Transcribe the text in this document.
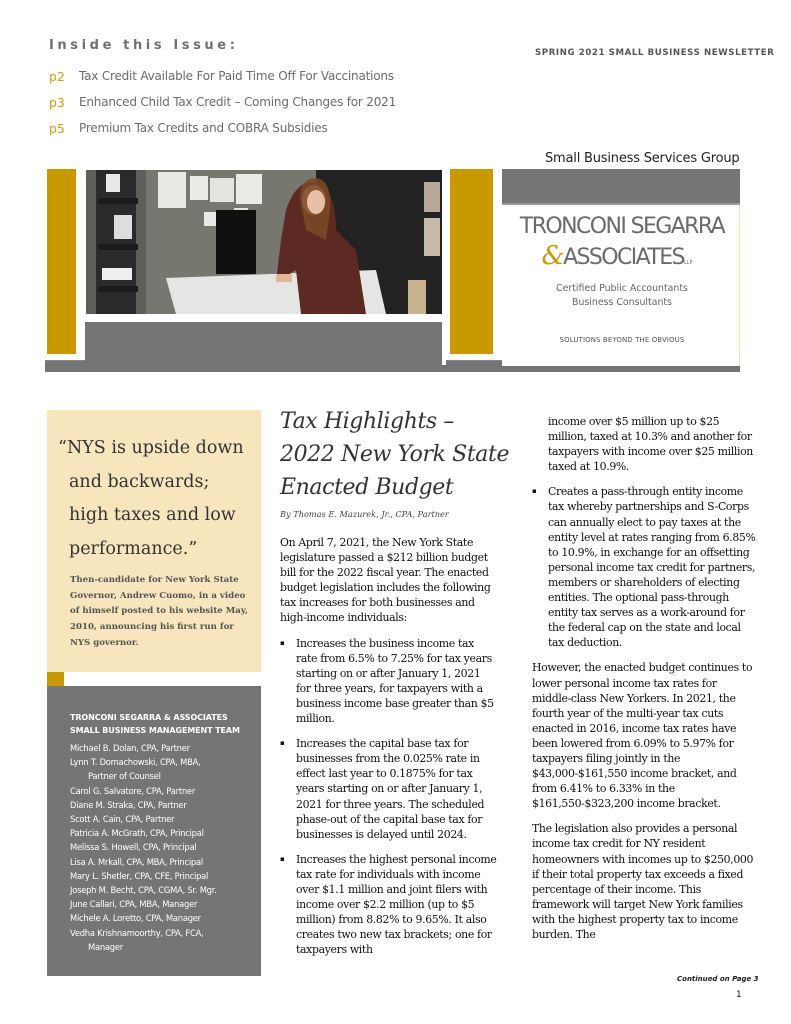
Inside this Issue:
p2	Tax Credit Available For Paid Time Off For Vaccinations
p3	Enhanced Child Tax Credit – Coming Changes for 2021
p5	Premium Tax Credits and COBRA Subsidies
SPRING 2021 SMALL BUSINESS NEWSLETTER
Small Business Services Group
TRONCONI SEGARRA
&ASSOCIATESLLP
Certified Public Accountants
Business Consultants
SOLUTIONS BEYOND THE OBVIOUS
“NYS is upside down
and backwards;
high taxes and low
performance.”
Then-candidate for New York State Governor, Andrew Cuomo, in a video of himself posted to his website May, 2010, announcing his first run for NYS governor.
TRONCONI SEGARRA & ASSOCIATES
SMALL BUSINESS MANAGEMENT TEAM
Michael B. Dolan, CPA, Partner
Lynn T. Domachowski, CPA, MBA,
Partner of Counsel
Carol G. Salvatore, CPA, Partner
Diane M. Straka, CPA, Partner
Scott A. Cain, CPA, Partner
Patricia A. McGrath, CPA, Principal
Melissa S. Howell, CPA, Principal
Lisa A. Mrkall, CPA, MBA, Principal
Mary L. Shetler, CPA, CFE, Principal
Joseph M. Becht, CPA, CGMA, Sr. Mgr.
June Callari, CPA, MBA, Manager
Michele A. Loretto, CPA, Manager
Vedha Krishnamoorthy, CPA, FCA,
Manager
Tax Highlights –
2022 New York State
Enacted Budget
By Thomas E. Mazurek, Jr., CPA, Partner

On April 7, 2021, the New York State legislature passed a $212 billion budget bill for the 2022 fiscal year. The enacted budget legislation includes the following tax increases for both businesses and high-income individuals:

▪ Increases the business income tax rate from 6.5% to 7.25% for tax years starting on or after January 1, 2021 for three years, for taxpayers with a business income base greater than $5 million.
▪ Increases the capital base tax for businesses from the 0.025% rate in effect last year to 0.1875% for tax years starting on or after January 1, 2021 for three years. The scheduled phase-out of the capital base tax for businesses is delayed until 2024.
▪ Increases the highest personal income tax rate for individuals with income over $1.1 million and joint filers with income over $2.2 million (up to $5 million) from 8.82% to 9.65%. It also creates two new tax brackets; one for taxpayers with
income over $5 million up to $25 million, taxed at 10.3% and another for taxpayers with income over $25 million taxed at 10.9%.
▪ Creates a pass-through entity income tax whereby partnerships and S-Corps can annually elect to pay taxes at the entity level at rates ranging from 6.85% to 10.9%, in exchange for an offsetting personal income tax credit for partners, members or shareholders of electing entities. The optional pass-through entity tax serves as a work-around for the federal cap on the state and local tax deduction.

However, the enacted budget continues to lower personal income tax rates for middle-class New Yorkers. In 2021, the fourth year of the multi-year tax cuts enacted in 2016, income tax rates have been lowered from 6.09% to 5.97% for taxpayers filing jointly in the $43,000-$161,550 income bracket, and from 6.41% to 6.33% in the $161,550-$323,200 income bracket.

The legislation also provides a personal income tax credit for NY resident homeowners with incomes up to $250,000 if their total property tax exceeds a fixed percentage of their income. This framework will target New York families with the highest property tax to income burden. The

Continued on Page 3
1
